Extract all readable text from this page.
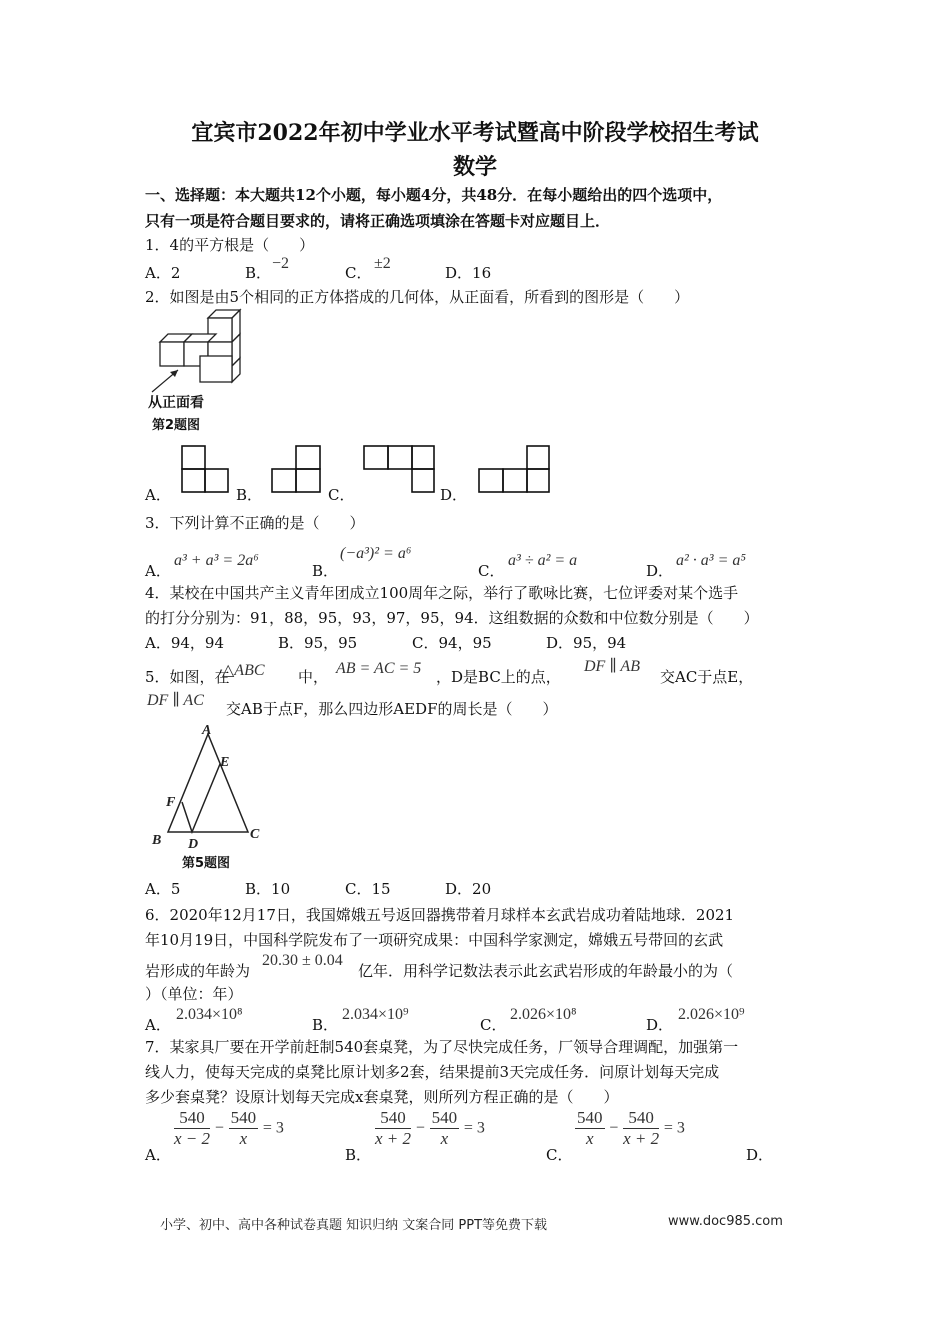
宜宾市2022年初中学业水平考试暨高中阶段学校招生考试
数学
一、选择题：本大题共12个小题，每小题4分，共48分．在每小题给出的四个选项中，
只有一项是符合题目要求的，请将正确选项填涂在答题卡对应题目上．
1．4的平方根是（　　）
A．2	B．
−2
C．
±2
D．16
2．如图是由5个相同的正方体搭成的几何体，从正面看，所看到的图形是（　　）
从正面看
第2题图
A．	B．	C．	D．
3．下列计算不正确的是（　　）
A．
a³ + a³ = 2a⁶
B．
(−a³)² = a⁶
C．
a³ ÷ a² = a
D．
a² · a³ = a⁵
4．某校在中国共产主义青年团成立100周年之际，举行了歌咏比赛，七位评委对某个选手
的打分分别为：91，88，95，93，97，95，94．这组数据的众数和中位数分别是（　　）
A．94，94	B．95，95	C．94，95	D．95，94
5．如图，在
△ABC 中， AB = AC = 5 ，D是BC上的点，
DF ∥ AB
交AC于点E，
DF ∥ AC 交AB于点F，那么四边形AEDF的周长是（　　）
A
B	C
D
E
F
第5题图
A．5	B．10	C．15	D．20
6．2020年12月17日，我国嫦娥五号返回器携带着月球样本玄武岩成功着陆地球．2021
年10月19日，中国科学院发布了一项研究成果：中国科学家测定，嫦娥五号带回的玄武
岩形成的年龄为
20.30 ± 0.04
亿年．用科学记数法表示此玄武岩形成的年龄最小的为（
）（单位：年）
A．
2.034×10⁸
B．
2.034×10⁹
C．
2.026×10⁸
D．
2.026×10⁹
7．某家具厂要在开学前赶制540套桌凳，为了尽快完成任务，厂领导合理调配，加强第一
线人力，使每天完成的桌凳比原计划多2套，结果提前3天完成任务．问原计划每天完成
多少套桌凳？设原计划每天完成x套桌凳，则所列方程正确的是（　　）
A．
$\frac{540}{x - 2} - \frac{540}{x} = 3$
B．
$\frac{540}{x + 2} - \frac{540}{x} = 3$
C．
$\frac{540}{x} - \frac{540}{x + 2} = 3$
D．
小学、初中、高中各种试卷真题 知识归纳 文案合同 PPT等免费下载	www.doc985.com
